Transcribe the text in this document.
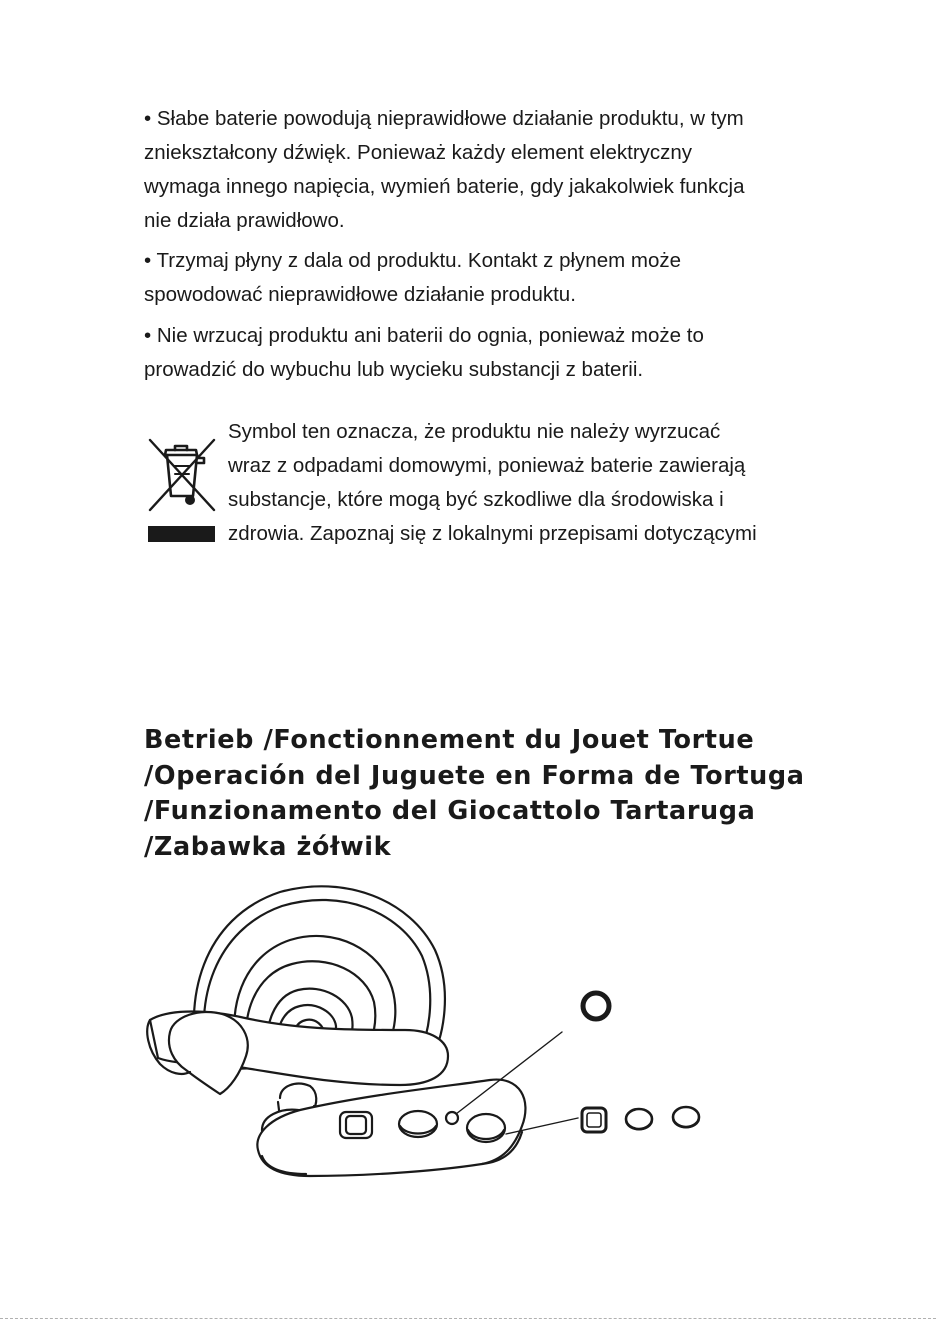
• Słabe baterie powodują nieprawidłowe działanie produktu, w tym
zniekształcony dźwięk. Ponieważ każdy element elektryczny
wymaga innego napięcia, wymień baterie, gdy jakakolwiek funkcja
nie działa prawidłowo.

• Trzymaj płyny z dala od produktu. Kontakt z płynem może
spowodować nieprawidłowe działanie produktu.

• Nie wrzucaj produktu ani baterii do ognia, ponieważ może to
prowadzić do wybuchu lub wycieku substancji z baterii.

Symbol ten oznacza, że produktu nie należy wyrzucać
wraz z odpadami domowymi, ponieważ baterie zawierają
substancje, które mogą być szkodliwe dla środowiska i
zdrowia. Zapoznaj się z lokalnymi przepisami dotyczącymi

Betrieb /Fonctionnement du Jouet Tortue
/Operación del Juguete en Forma de Tortuga
/Funzionamento del Giocattolo Tartaruga
/Zabawka żółwik
